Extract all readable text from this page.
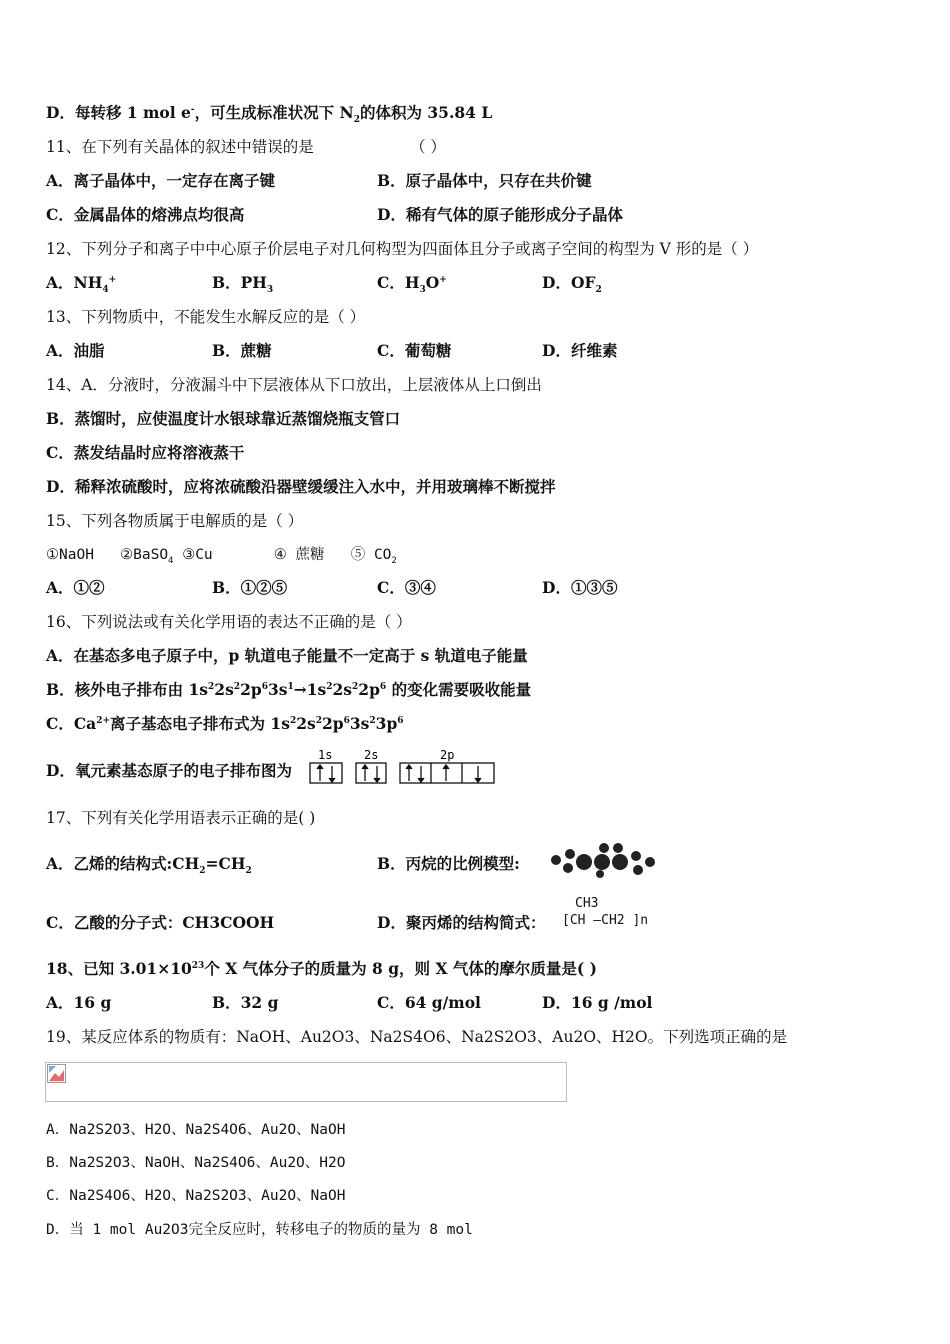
D．每转移 1 mol e-，可生成标准状况下 $N_2$的体积为 35.84 L
11、在下列有关晶体的叙述中错误的是	（ ）
A．离子晶体中，一定存在离子键	B．原子晶体中，只存在共价键
C．金属晶体的熔沸点均很高	D．稀有气体的原子能形成分子晶体
12、下列分子和离子中中心原子价层电子对几何构型为四面体且分子或离子空间的构型为 V 形的是（ ）
A．$NH_4^+$	B．$PH_3$	C．$H_3O^+$	D．$OF_2$
13、下列物质中，不能发生水解反应的是（ ）
A．油脂	B．蔗糖	C．葡萄糖	D．纤维素
14、A．分液时，分液漏斗中下层液体从下口放出，上层液体从上口倒出
B．蒸馏时，应使温度计水银球靠近蒸馏烧瓶支管口
C．蒸发结晶时应将溶液蒸干
D．稀释浓硫酸时，应将浓硫酸沿器壁缓缓注入水中，并用玻璃棒不断搅拌
15、下列各物质属于电解质的是（ ）
①NaOH ②BaSO$_4$ ③Cu	④ 蔗糖 ⑤ $CO_2$
A．①②	B．①②⑤	C．③④	D．①③⑤
16、下列说法或有关化学用语的表达不正确的是（ ）
A．在基态多电子原子中，p 轨道电子能量不一定高于 s 轨道电子能量
B．核外电子排布由 $1s^22s^22p^63s^1\to 1s^22s^22p^6$ 的变化需要吸收能量
C．$Ca^{2+}$离子基态电子排布式为 $1s^22s^22p^63s^23p^6$
D．氧元素基态原子的电子排布图为
1s	2s	2p
17、下列有关化学用语表示正确的是( )
A．乙烯的结构式$:CH_2=CH_2$	B．丙烷的比例模型:
C．乙酸的分子式：CH3COOH	D．聚丙烯的结构简式：
CH3
[CH —CH2 ]n
18、已知 $3.01\times 10^{23}$个 X 气体分子的质量为 8 g，则 X 气体的摩尔质量是( )
A．16 g	B．32 g	C．64 g/mol	D．16 g /mol
19、某反应体系的物质有：NaOH、Au2O3、Na2S4O6、Na2S2O3、Au2O、H2O。下列选项正确的是
A．Na2S2O3、H2O、Na2S4O6、Au2O、NaOH
B．Na2S2O3、NaOH、Na2S4O6、Au2O、H2O
C．Na2S4O6、H2O、Na2S2O3、Au2O、NaOH
D．当 1 mol Au2O3完全反应时，转移电子的物质的量为 8 mol
